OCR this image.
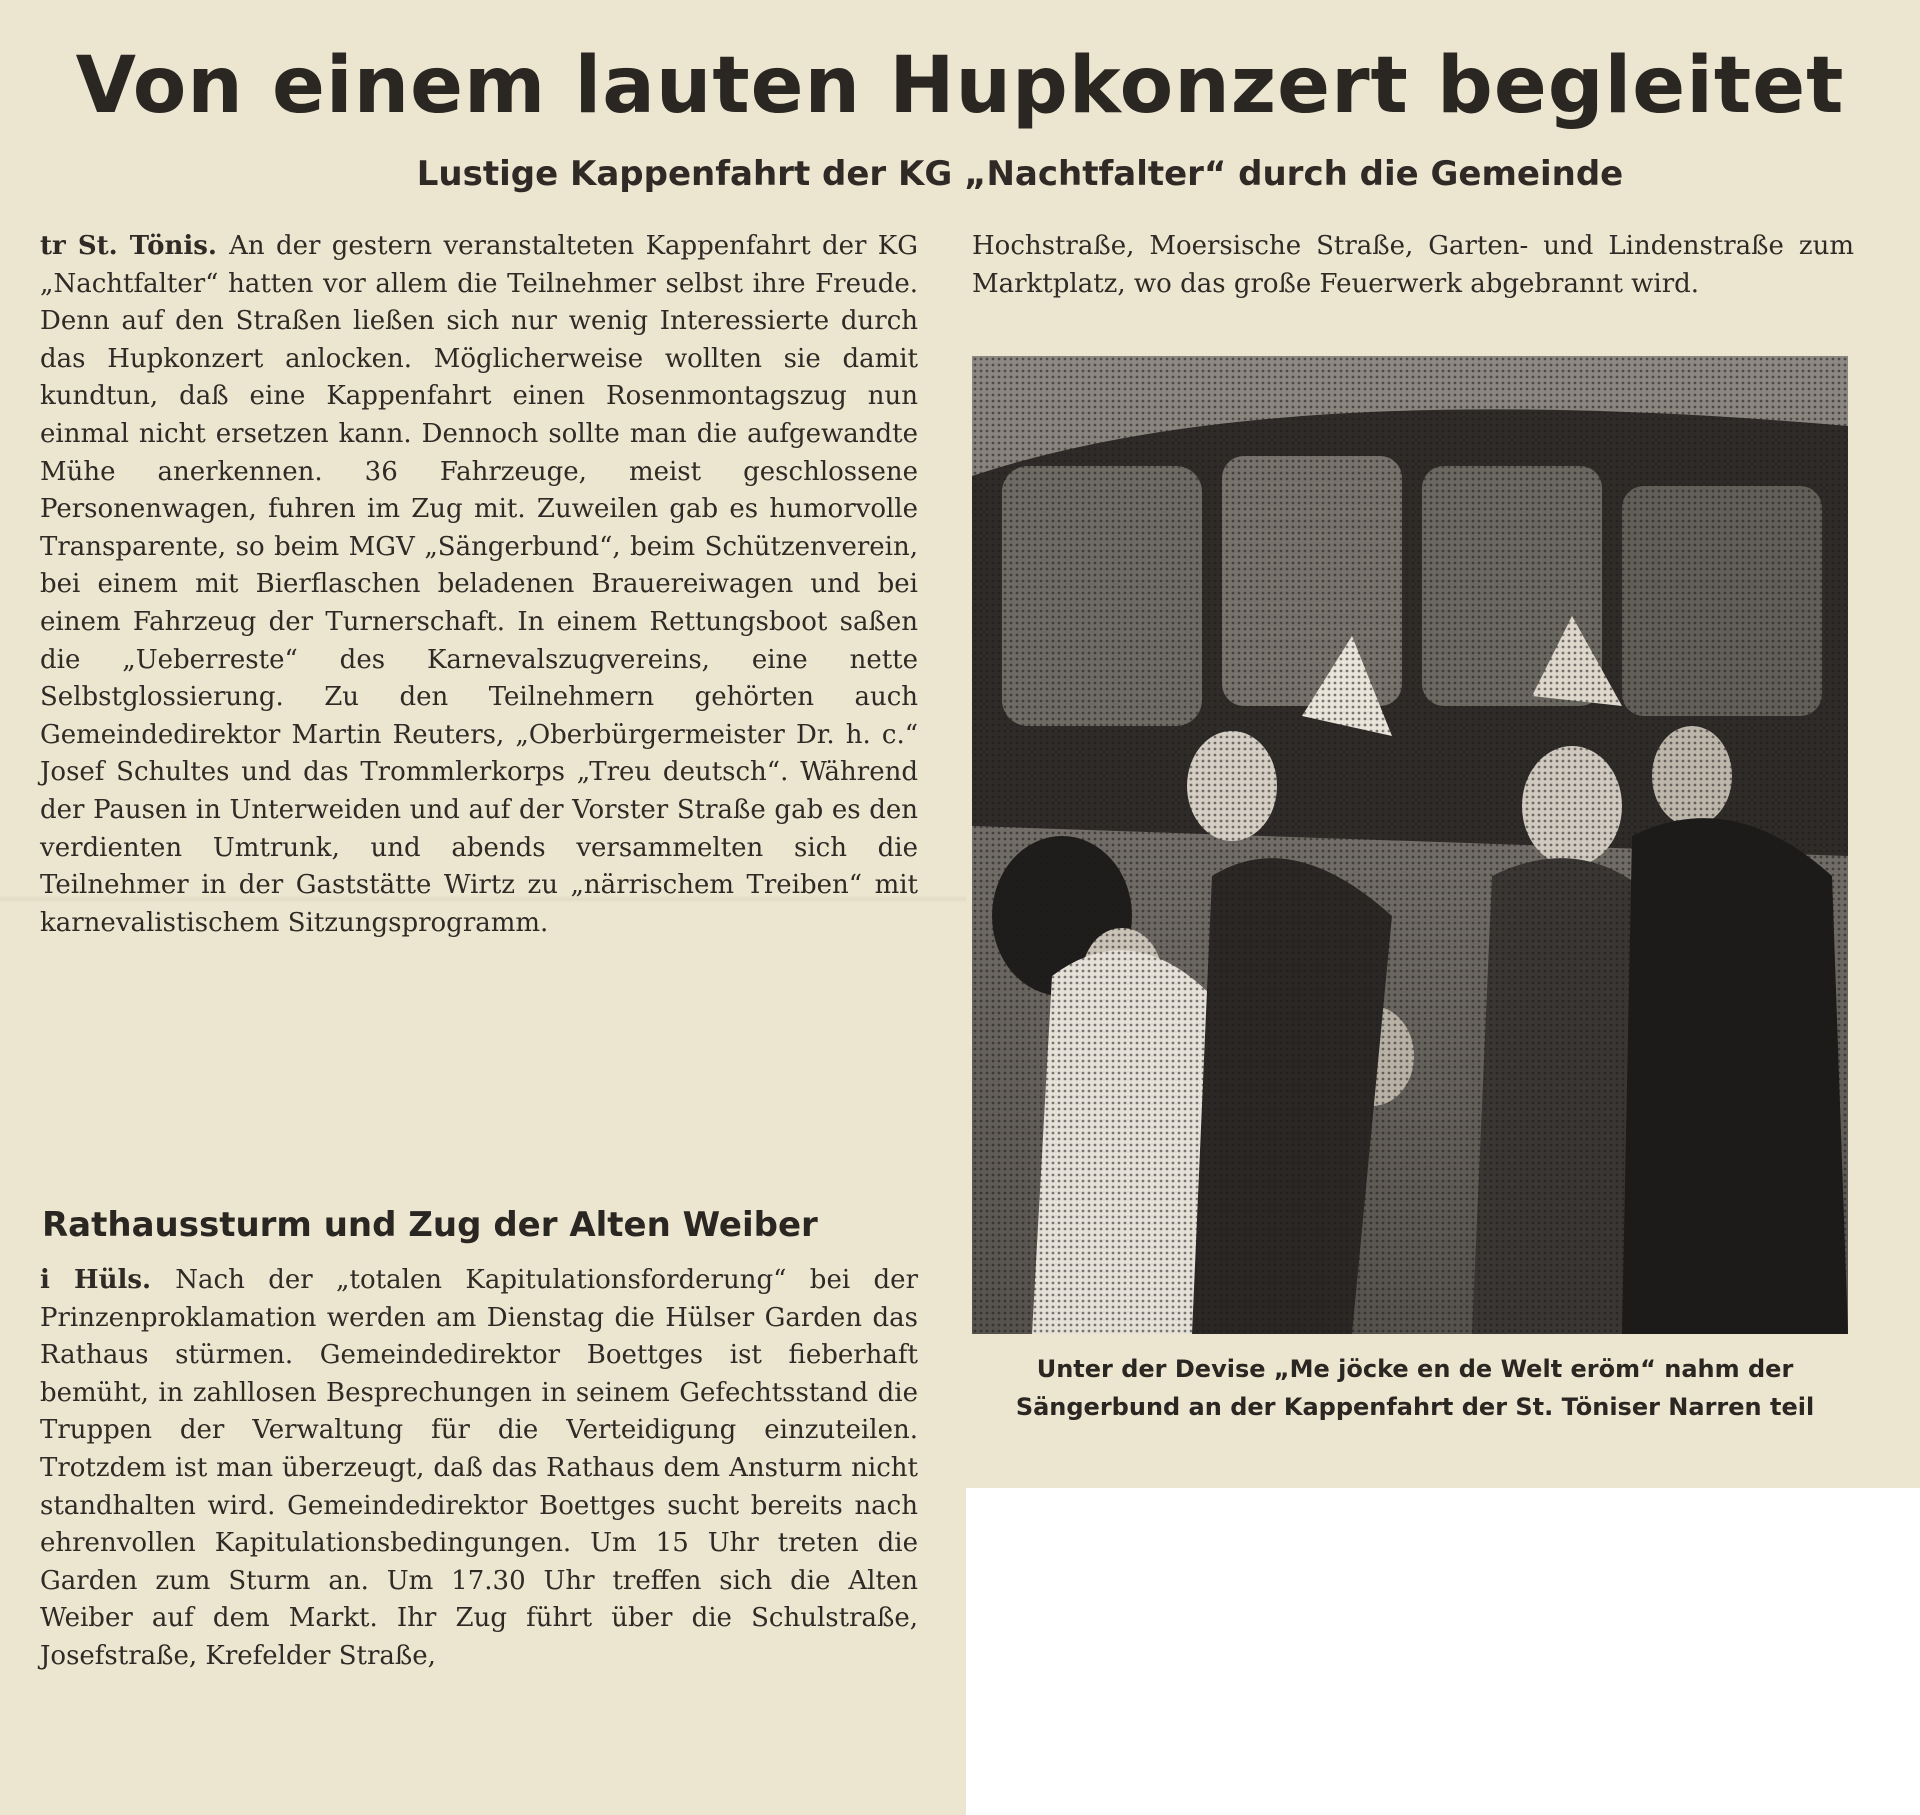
Von einem lauten Hupkonzert begleitet
Lustige Kappenfahrt der KG „Nachtfalter“ durch die Gemeinde
tr St. Tönis. An der gestern veranstalteten Kappenfahrt der KG „Nachtfalter“ hatten vor allem die Teilnehmer selbst ihre Freude. Denn auf den Straßen ließen sich nur wenig Interessierte durch das Hupkonzert anlocken. Möglicherweise wollten sie damit kundtun, daß eine Kappenfahrt einen Rosenmontagszug nun einmal nicht ersetzen kann. Dennoch sollte man die aufgewandte Mühe anerkennen. 36 Fahrzeuge, meist geschlossene Personenwagen, fuhren im Zug mit. Zuweilen gab es humorvolle Transparente, so beim MGV „Sängerbund“, beim Schützenverein, bei einem mit Bierflaschen beladenen Brauereiwagen und bei einem Fahrzeug der Turnerschaft. In einem Rettungsboot saßen die „Ueberreste“ des Karnevalszugvereins, eine nette Selbstglossierung. Zu den Teilnehmern gehörten auch Gemeindedirektor Martin Reuters, „Oberbürgermeister Dr. h. c.“ Josef Schultes und das Trommlerkorps „Treu deutsch“. Während der Pausen in Unterweiden und auf der Vorster Straße gab es den verdienten Umtrunk, und abends versammelten sich die Teilnehmer in der Gaststätte Wirtz zu „närrischem Treiben“ mit karnevalistischem Sitzungsprogramm.
Rathaussturm und Zug der Alten Weiber
i Hüls. Nach der „totalen Kapitulationsforderung“ bei der Prinzenproklamation werden am Dienstag die Hülser Garden das Rathaus stürmen. Gemeindedirektor Boettges ist fieberhaft bemüht, in zahllosen Besprechungen in seinem Gefechtsstand die Truppen der Verwaltung für die Verteidigung einzuteilen. Trotzdem ist man überzeugt, daß das Rathaus dem Ansturm nicht standhalten wird. Gemeindedirektor Boettges sucht bereits nach ehrenvollen Kapitulationsbedingungen. Um 15 Uhr treten die Garden zum Sturm an. Um 17.30 Uhr treffen sich die Alten Weiber auf dem Markt. Ihr Zug führt über die Schulstraße, Josefstraße, Krefelder Straße,
Hochstraße, Moersische Straße, Garten- und Lindenstraße zum Marktplatz, wo das große Feuerwerk abgebrannt wird.
Unter der Devise „Me jöcke en de Welt eröm“ nahm der Sängerbund an der Kappenfahrt der St. Töniser Narren teil
